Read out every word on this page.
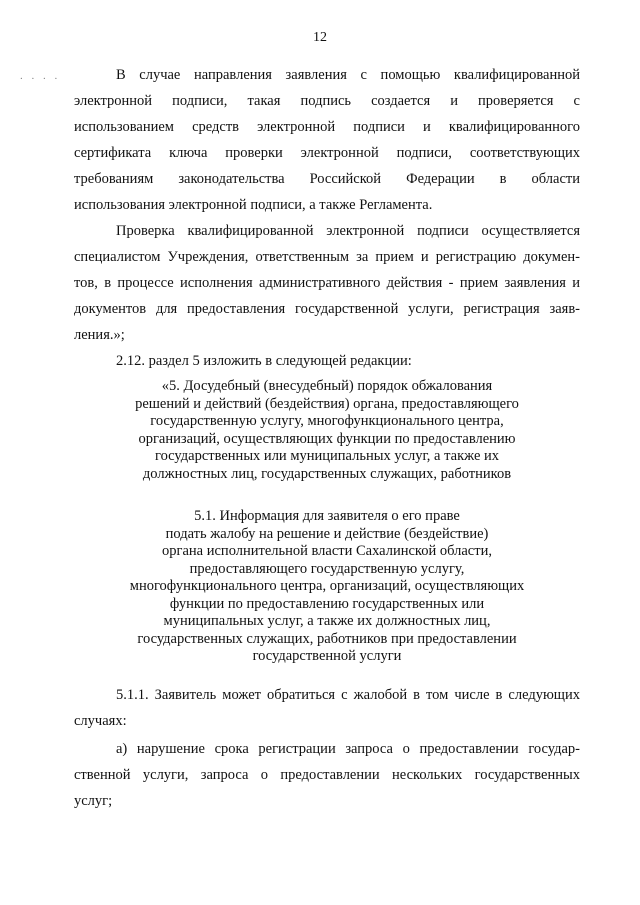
12
. . . .	В случае направления заявления с помощью квалифицированной

электронной подписи, такая подпись создается и проверяется с

использованием средств электронной подписи и квалифицированного

сертификата ключа проверки электронной подписи, соответствующих

требованиям законодательства Российской Федерации в области

использования электронной подписи, а также Регламента.

Проверка квалифицированной электронной подписи осуществляется

специалистом Учреждения, ответственным за прием и регистрацию докумен-

тов, в процессе исполнения административного действия - прием заявления и

документов для предоставления государственной услуги, регистрация заяв-

ления.»;

2.12. раздел 5 изложить в следующей редакции:

«5. Досудебный (внесудебный) порядок обжалования
решений и действий (бездействия) органа, предоставляющего
государственную услугу, многофункционального центра,
организаций, осуществляющих функции по предоставлению
государственных или муниципальных услуг, а также их
должностных лиц, государственных служащих, работников
5.1. Информация для заявителя о его праве
подать жалобу на решение и действие (бездействие)
органа исполнительной власти Сахалинской области,
предоставляющего государственную услугу,
многофункционального центра, организаций, осуществляющих
функции по предоставлению государственных или
муниципальных услуг, а также их должностных лиц,
государственных служащих, работников при предоставлении
государственной услуги

5.1.1. Заявитель может обратиться с жалобой в том числе в следующих

случаях:

а) нарушение срока регистрации запроса о предоставлении государ-

ственной услуги, запроса о предоставлении нескольких государственных

услуг;
